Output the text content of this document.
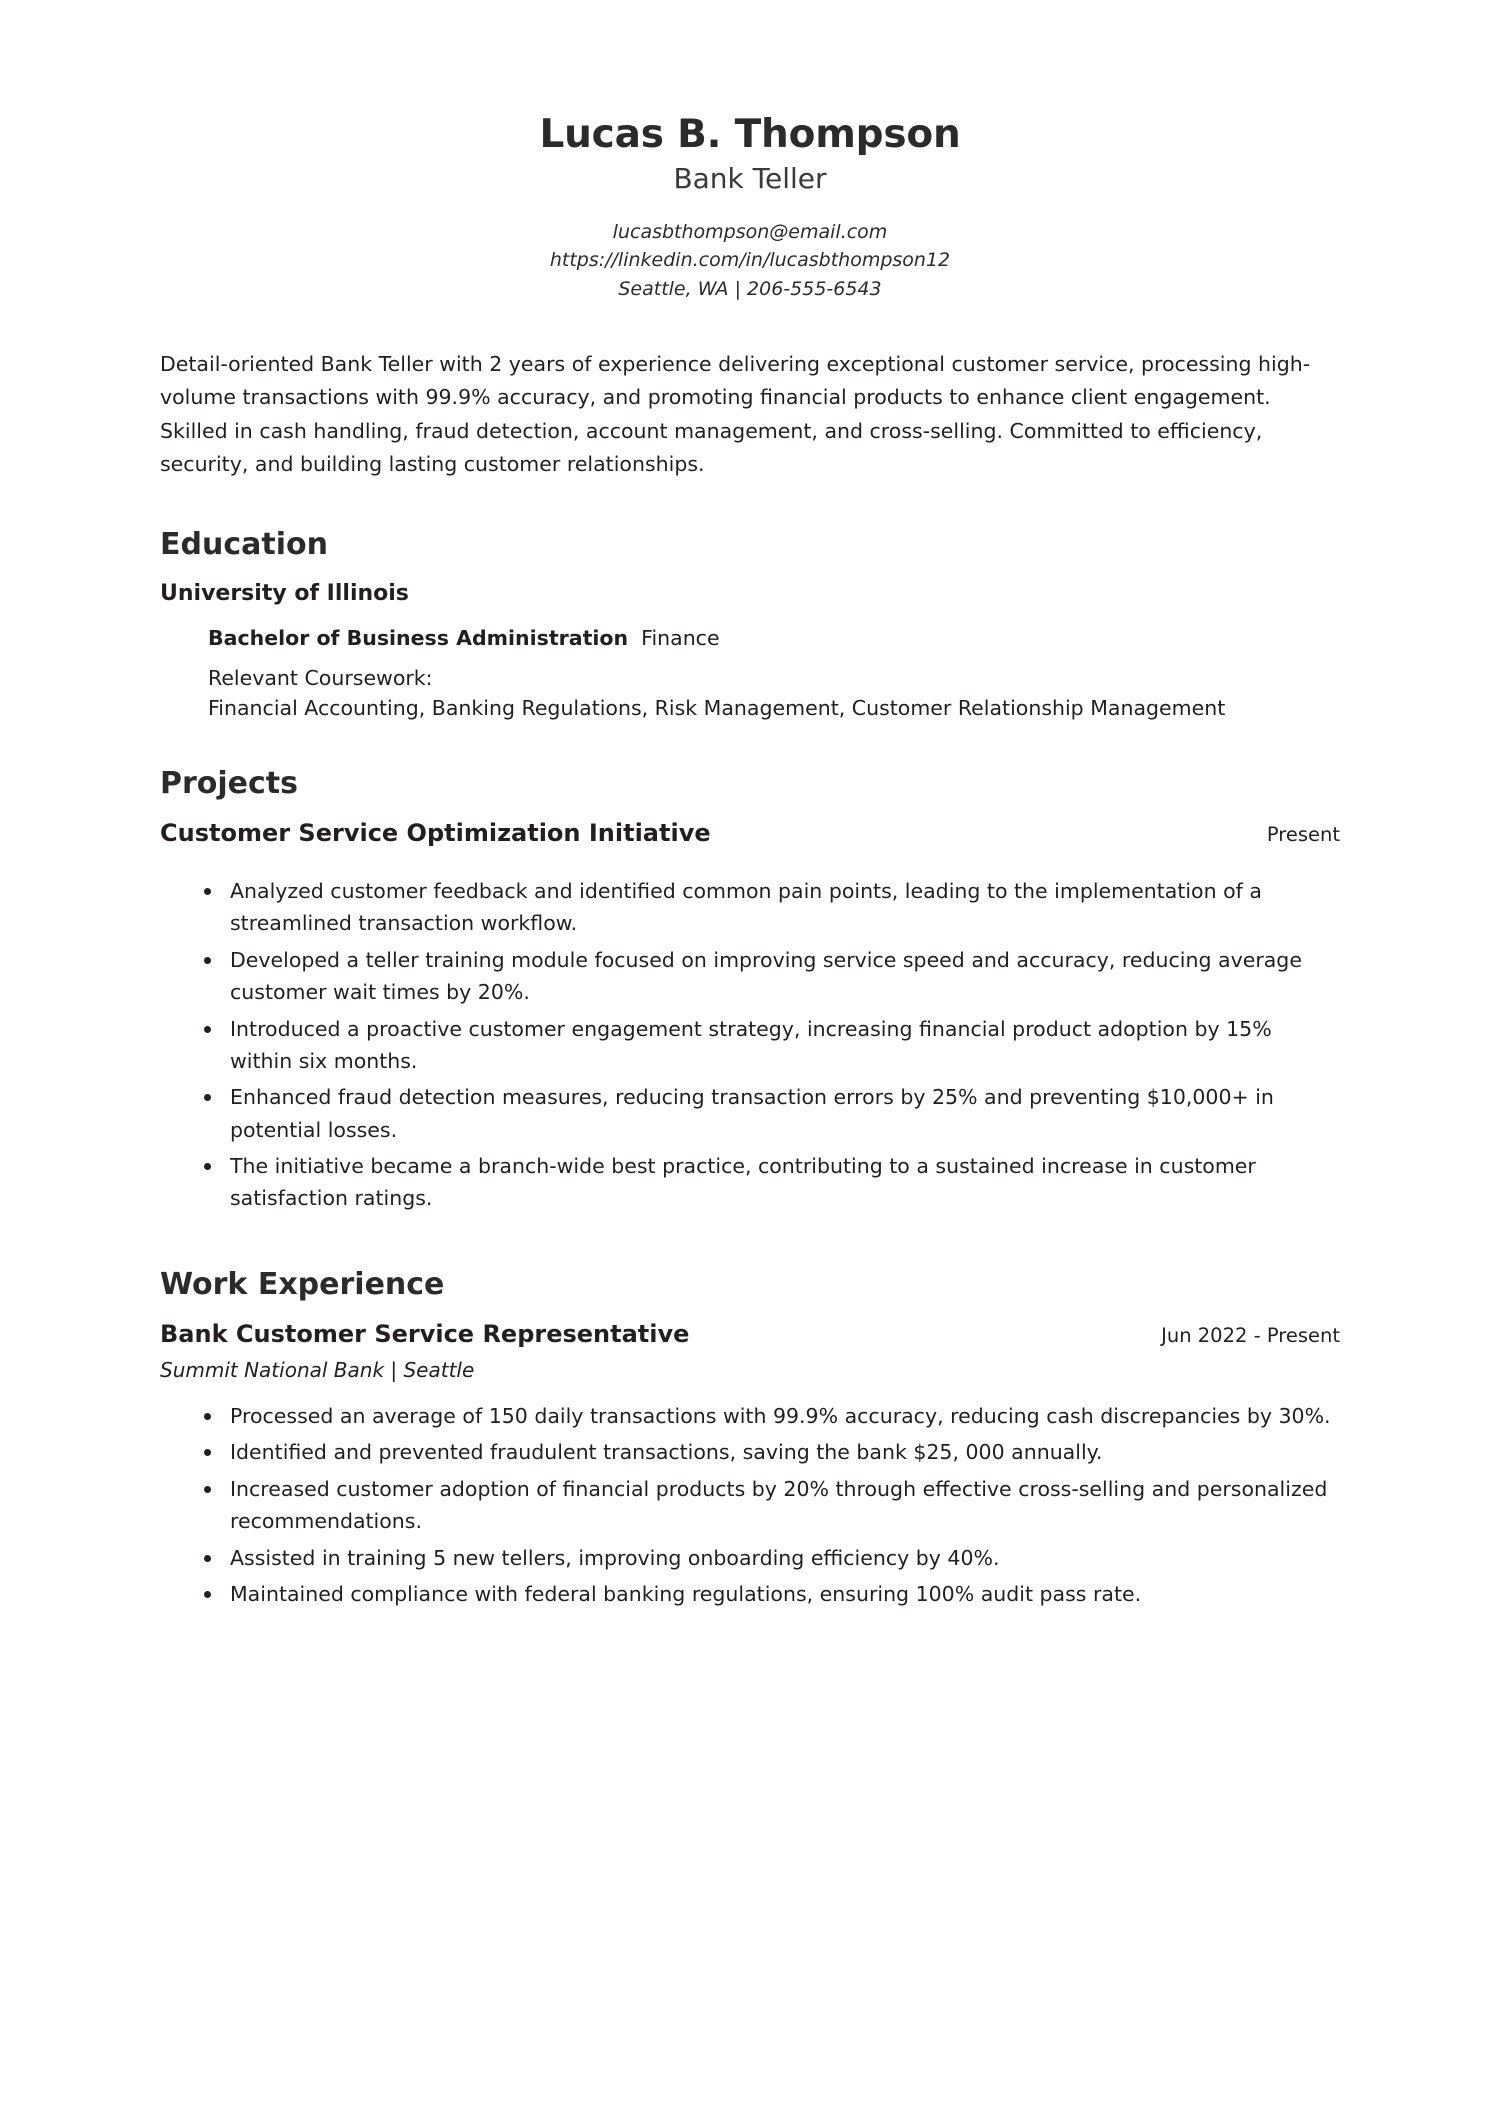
Lucas B. Thompson
Bank Teller
lucasbthompson@email.com
https://linkedin.com/in/lucasbthompson12
Seattle, WA | 206-555-6543
Detail-oriented Bank Teller with 2 years of experience delivering exceptional customer service, processing high-volume transactions with 99.9% accuracy, and promoting financial products to enhance client engagement. Skilled in cash handling, fraud detection, account management, and cross-selling. Committed to efficiency, security, and building lasting customer relationships.
Education
University of Illinois

Bachelor of Business Administration Finance

Relevant Coursework:

Financial Accounting, Banking Regulations, Risk Management, Customer Relationship Management

Projects
Customer Service Optimization Initiative	Present
Analyzed customer feedback and identified common pain points, leading to the implementation of a streamlined transaction workflow.
Developed a teller training module focused on improving service speed and accuracy, reducing average customer wait times by 20%.
Introduced a proactive customer engagement strategy, increasing financial product adoption by 15% within six months.
Enhanced fraud detection measures, reducing transaction errors by 25% and preventing $10,000+ in potential losses.
The initiative became a branch-wide best practice, contributing to a sustained increase in customer satisfaction ratings.
Work Experience
Bank Customer Service Representative	Jun 2022 - Present
Summit National Bank | Seattle
Processed an average of 150 daily transactions with 99.9% accuracy, reducing cash discrepancies by 30%.
Identified and prevented fraudulent transactions, saving the bank $25, 000 annually.
Increased customer adoption of financial products by 20% through effective cross-selling and personalized recommendations.
Assisted in training 5 new tellers, improving onboarding efficiency by 40%.
Maintained compliance with federal banking regulations, ensuring 100% audit pass rate.
